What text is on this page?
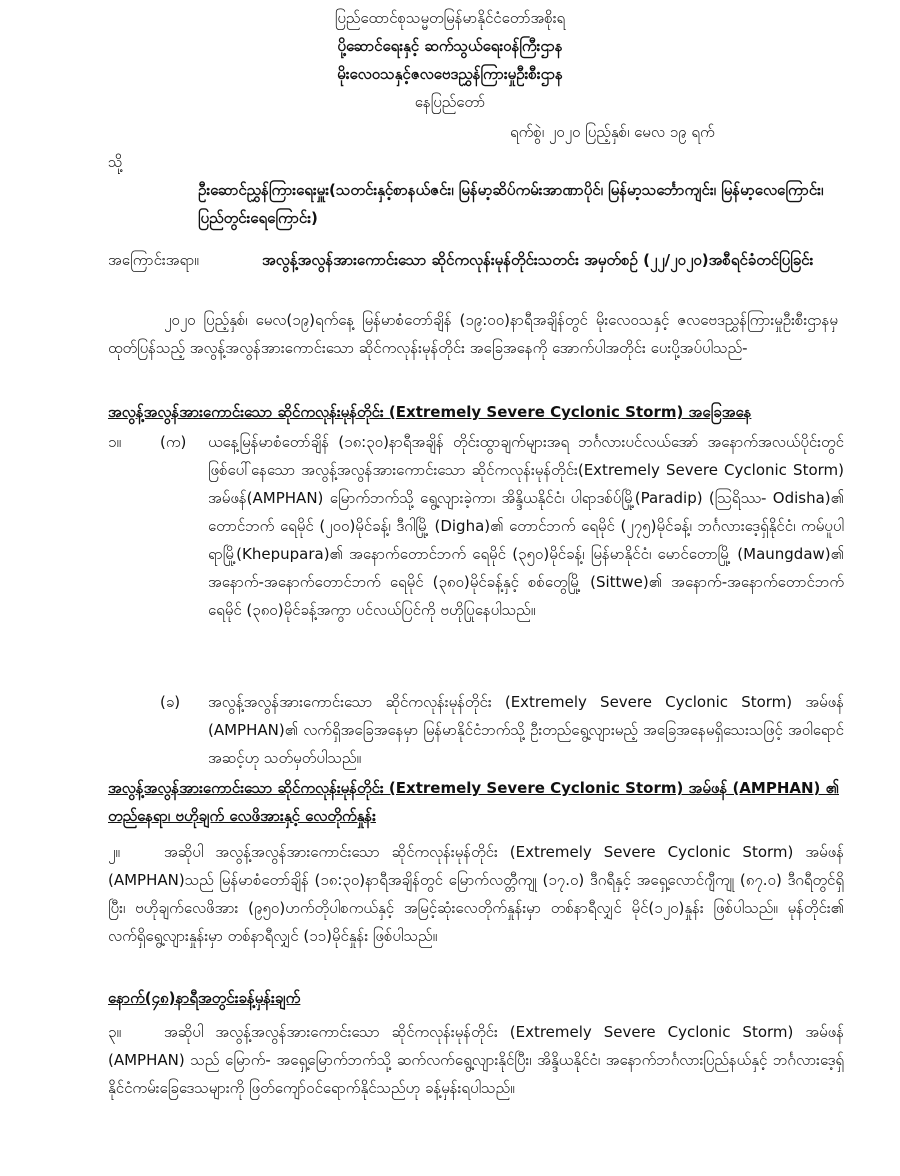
ပြည်ထောင်စုသမ္မတမြန်မာနိုင်ငံတော်အစိုးရ
ပို့ဆောင်ရေးနှင့် ဆက်သွယ်ရေးဝန်ကြီးဌာန
မိုးလေဝသနှင့်ဇလဗေဒညွှန်ကြားမှုဦးစီးဌာန
နေပြည်တော်
ရက်စွဲ၊ ၂၀၂၀ ပြည့်နှစ်၊ မေလ ၁၉ ရက်
သို့
ဦးဆောင်ညွှန်ကြားရေးမှူး(သတင်းနှင့်စာနယ်ဇင်း၊ မြန်မာ့ဆိပ်ကမ်းအာဏာပိုင်၊ မြန်မာ့သင်္ဘောကျင်း၊ မြန်မာ့လေကြောင်း၊ ပြည်တွင်းရေကြောင်း)
အကြောင်းအရာ။	အလွန့်အလွန်အားကောင်းသော ဆိုင်ကလုန်းမုန်တိုင်းသတင်း အမှတ်စဉ် (၂၂/၂၀၂၀)အစီရင်ခံတင်ပြခြင်း
၂၀၂၀ ပြည့်နှစ်၊ မေလ(၁၉)ရက်နေ့ မြန်မာစံတော်ချိန် (၁၉:၀၀)နာရီအချိန်တွင် မိုးလေဝသနှင့် ဇလဗေဒညွှန်ကြားမှုဦးစီးဌာနမှ ထုတ်ပြန်သည့် အလွန့်အလွန်အားကောင်းသော ဆိုင်ကလုန်းမုန်တိုင်း အခြေအနေကို အောက်ပါအတိုင်း ပေးပို့အပ်ပါသည်-
အလွန့်အလွန်အားကောင်းသော ဆိုင်ကလုန်းမုန်တိုင်း (Extremely Severe Cyclonic Storm) အခြေအနေ
၁။	(က)	ယနေ့မြန်မာစံတော်ချိန် (၁၈:၃၀)နာရီအချိန် တိုင်းထွာချက်များအရ ဘင်္ဂလားပင်လယ်အော် အနောက်အလယ်ပိုင်းတွင် ဖြစ်ပေါ်နေသော အလွန့်အလွန်အားကောင်းသော ဆိုင်ကလုန်းမုန်တိုင်း(Extremely Severe Cyclonic Storm) အမ်ဖန်(AMPHAN) မြောက်ဘက်သို့ ရွေ့လျားခဲ့ကာ၊ အိန္ဒိယနိုင်ငံ၊ ပါရာဒစ်ပ်မြို့(Paradip) (ဩရိဿ- Odisha)၏ တောင်ဘက် ရေမိုင် (၂၀၀)မိုင်ခန့်၊ ဒီဂါမြို့ (Digha)၏ တောင်ဘက် ရေမိုင် (၂၇၅)မိုင်ခန့်၊ ဘင်္ဂလားဒေ့ရှ်နိုင်ငံ၊ ကမ်ပူပါရာမြို့(Khepupara)၏ အနောက်တောင်ဘက် ရေမိုင် (၃၅၀)မိုင်ခန့်၊ မြန်မာနိုင်ငံ၊ မောင်တောမြို့ (Maungdaw)၏ အနောက်-အနောက်တောင်ဘက် ရေမိုင် (၃၈၀)မိုင်ခန့်နှင့် စစ်တွေမြို့ (Sittwe)၏ အနောက်-အနောက်တောင်ဘက် ရေမိုင် (၃၈၀)မိုင်ခန့်အကွာ ပင်လယ်ပြင်ကို ဗဟိုပြုနေပါသည်။
(ခ)	အလွန့်အလွန်အားကောင်းသော ဆိုင်ကလုန်းမုန်တိုင်း (Extremely Severe Cyclonic Storm) အမ်ဖန် (AMPHAN)၏ လက်ရှိအခြေအနေမှာ မြန်မာနိုင်ငံဘက်သို့ ဦးတည်ရွေ့လျားမည့် အခြေအနေမရှိသေးသဖြင့် အဝါရောင်အဆင့်ဟု သတ်မှတ်ပါသည်။
အလွန့်အလွန်အားကောင်းသော ဆိုင်ကလုန်းမုန်တိုင်း (Extremely Severe Cyclonic Storm) အမ်ဖန် (AMPHAN) ၏ တည်နေရာ၊ ဗဟိုချက် လေဖိအားနှင့် လေတိုက်နှုန်း
၂။	အဆိုပါ အလွန့်အလွန်အားကောင်းသော ဆိုင်ကလုန်းမုန်တိုင်း (Extremely Severe Cyclonic Storm) အမ်ဖန် (AMPHAN)သည် မြန်မာစံတော်ချိန် (၁၈:၃၀)နာရီအချိန်တွင် မြောက်လတ္တီကျု (၁၇.၀) ဒီဂရီနှင့် အရှေ့လောင်ဂျီကျု (၈၇.၀) ဒီဂရီတွင်ရှိပြီး၊ ဗဟိုချက်လေဖိအား (၉၅၀)ဟက်တိုပါစကယ်နှင့် အမြင့်ဆုံးလေတိုက်နှုန်းမှာ တစ်နာရီလျှင် မိုင်(၁၂၀)နှုန်း ဖြစ်ပါသည်။ မုန်တိုင်း၏ လက်ရှိရွေ့လျားနှုန်းမှာ တစ်နာရီလျှင် (၁၁)မိုင်နှုန်း ဖြစ်ပါသည်။
နောက်(၄၈)နာရီအတွင်းခန့်မှန်းချက်
၃။	အဆိုပါ အလွန့်အလွန်အားကောင်းသော ဆိုင်ကလုန်းမုန်တိုင်း (Extremely Severe Cyclonic Storm) အမ်ဖန် (AMPHAN) သည် မြောက်- အရှေ့မြောက်ဘက်သို့ ဆက်လက်ရွေ့လျားနိုင်ပြီး၊ အိန္ဒိယနိုင်ငံ၊ အနောက်ဘင်္ဂလားပြည်နယ်နှင့် ဘင်္ဂလားဒေ့ရှ်နိုင်ငံကမ်းခြေဒေသများကို ဖြတ်ကျော်ဝင်ရောက်နိုင်သည်ဟု ခန့်မှန်းရပါသည်။
